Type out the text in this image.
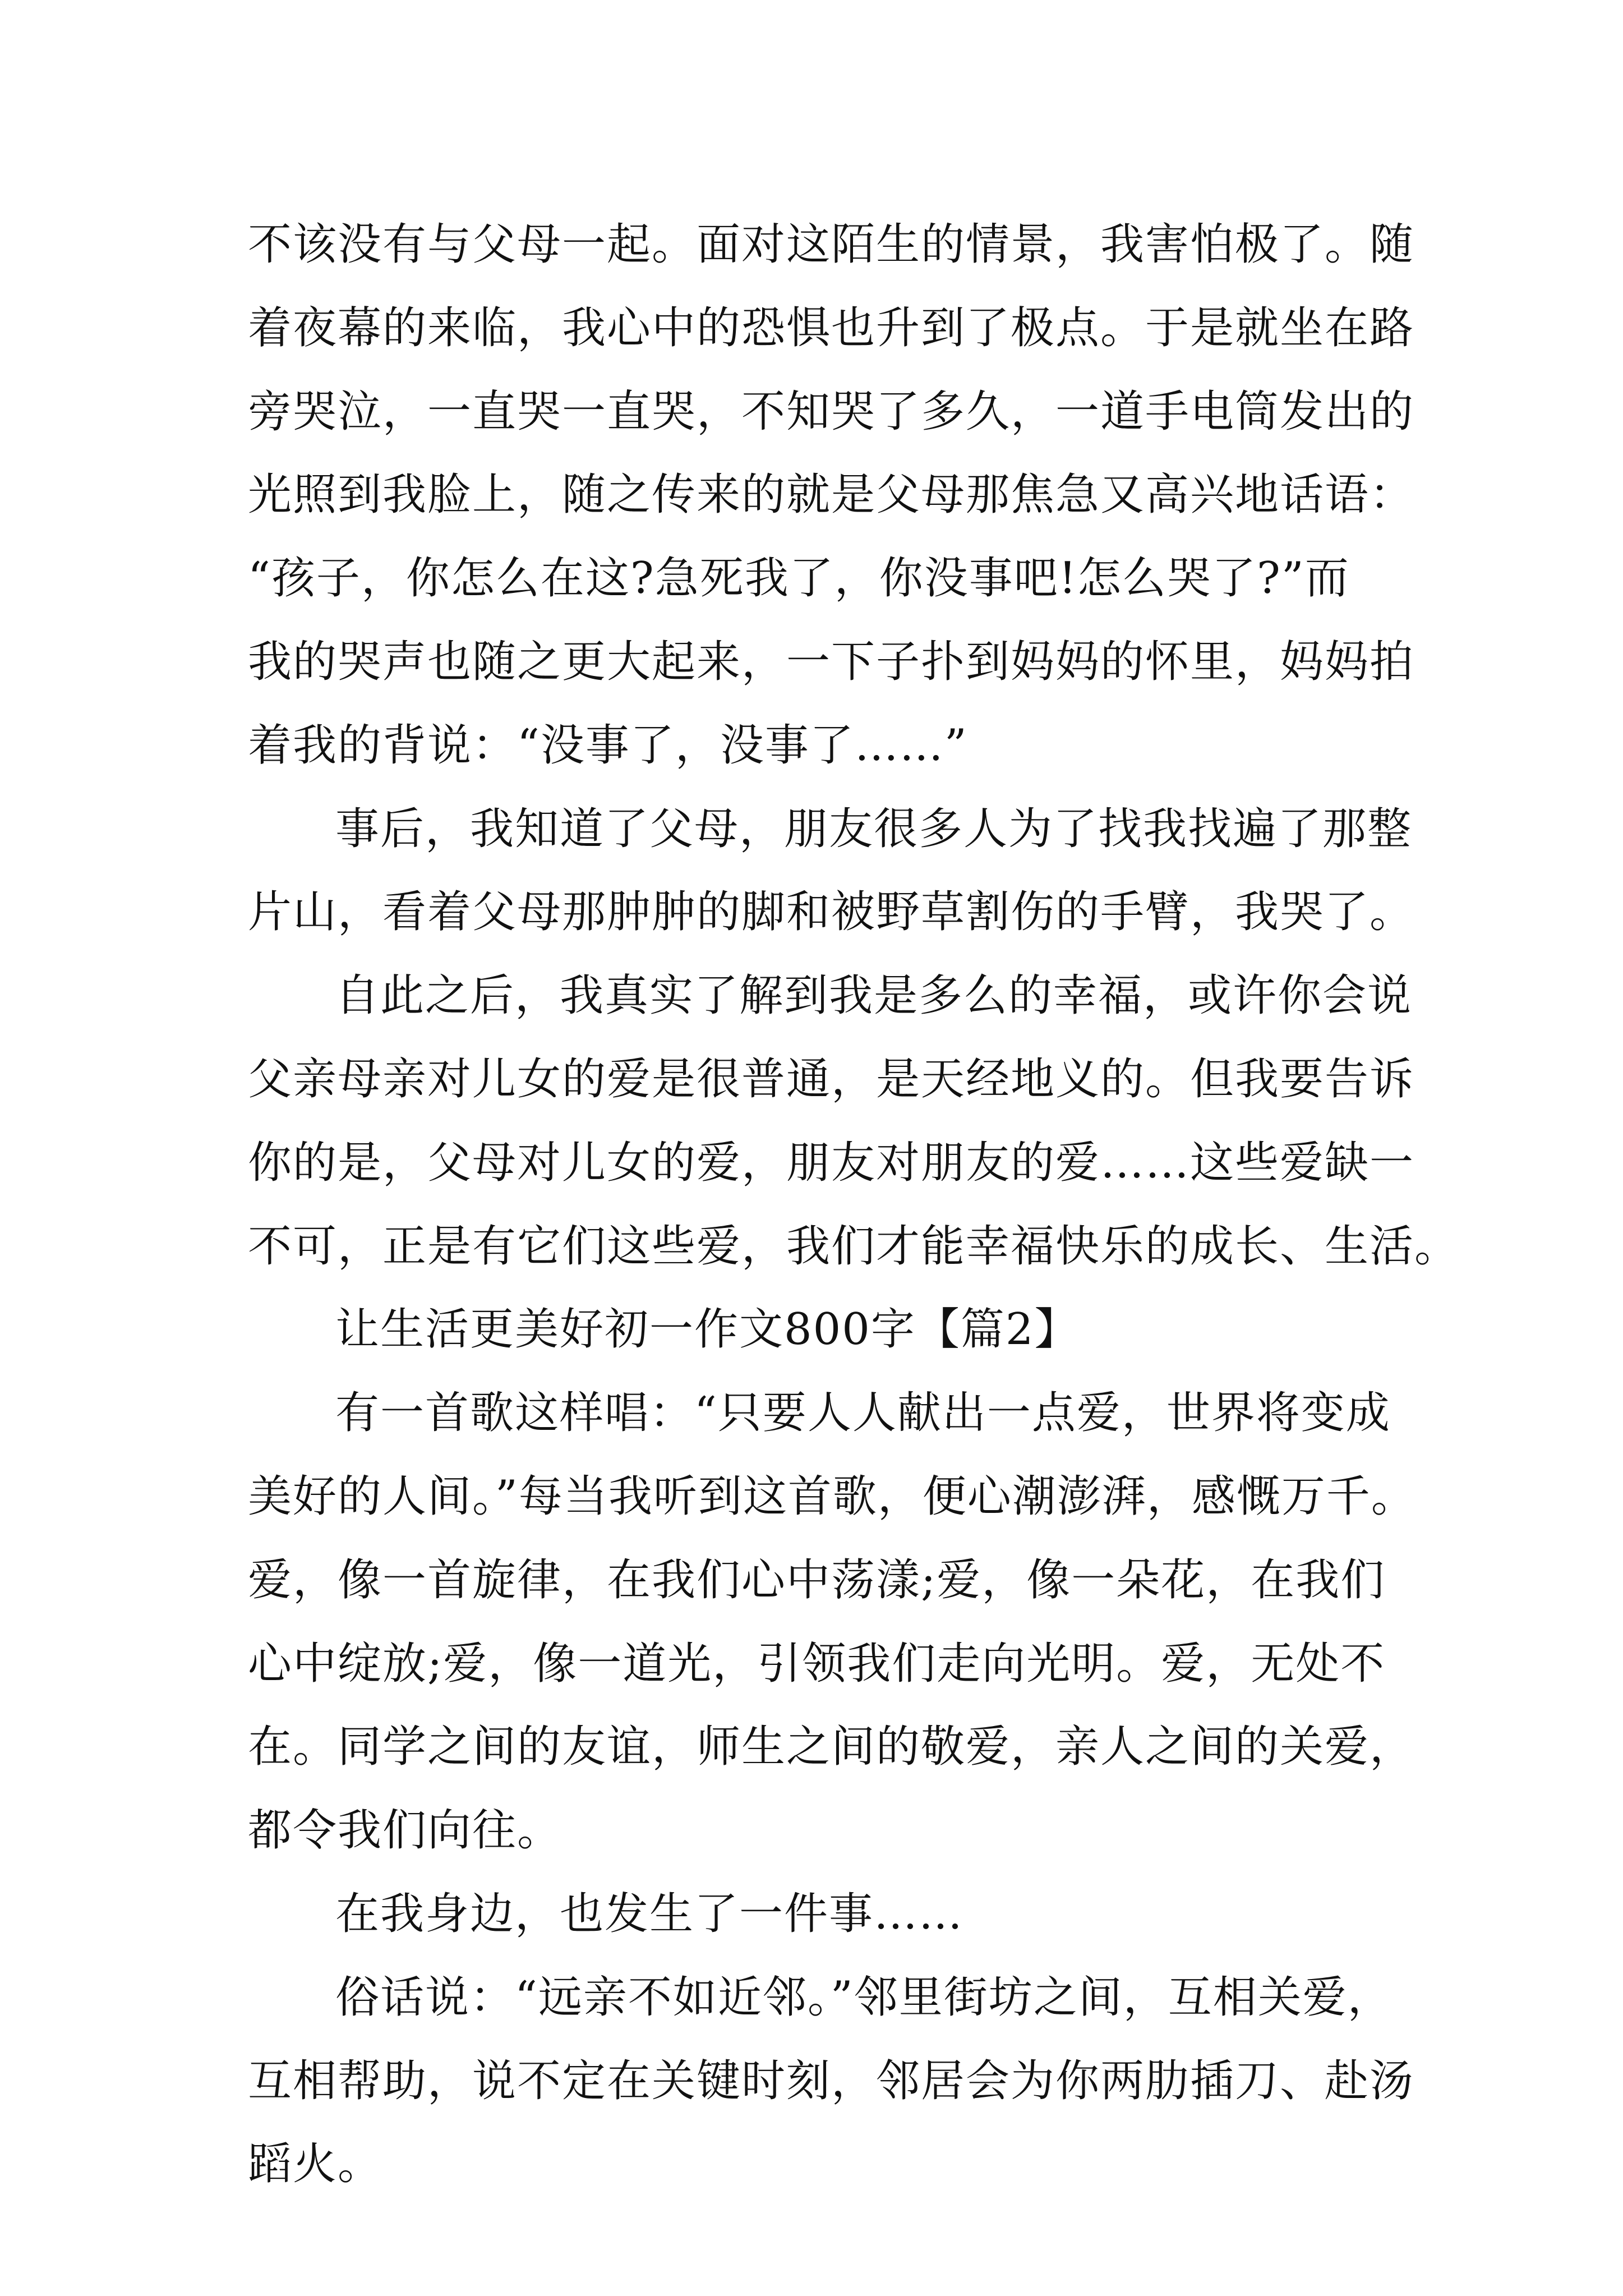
不该没有与父母一起。面对这陌生的情景，我害怕极了。随
着夜幕的来临，我心中的恐惧也升到了极点。于是就坐在路
旁哭泣，一直哭一直哭，不知哭了多久，一道手电筒发出的
光照到我脸上，随之传来的就是父母那焦急又高兴地话语：
“孩子，你怎么在这?急死我了，你没事吧!怎么哭了?”而
我的哭声也随之更大起来，一下子扑到妈妈的怀里，妈妈拍
着我的背说：“没事了，没事了……”
事后，我知道了父母，朋友很多人为了找我找遍了那整
片山，看着父母那肿肿的脚和被野草割伤的手臂，我哭了。
自此之后，我真实了解到我是多么的幸福，或许你会说
父亲母亲对儿女的爱是很普通，是天经地义的。但我要告诉
你的是，父母对儿女的爱，朋友对朋友的爱……这些爱缺一
不可，正是有它们这些爱，我们才能幸福快乐的成长、生活。
让生活更美好初一作文800字【篇2】
有一首歌这样唱：“只要人人献出一点爱，世界将变成
美好的人间。”每当我听到这首歌，便心潮澎湃，感慨万千。
爱，像一首旋律，在我们心中荡漾;爱，像一朵花，在我们
心中绽放;爱，像一道光，引领我们走向光明。爱，无处不
在。同学之间的友谊，师生之间的敬爱，亲人之间的关爱，
都令我们向往。
在我身边，也发生了一件事……
俗话说：“远亲不如近邻。”邻里街坊之间，互相关爱，
互相帮助，说不定在关键时刻，邻居会为你两肋插刀、赴汤
蹈火。
